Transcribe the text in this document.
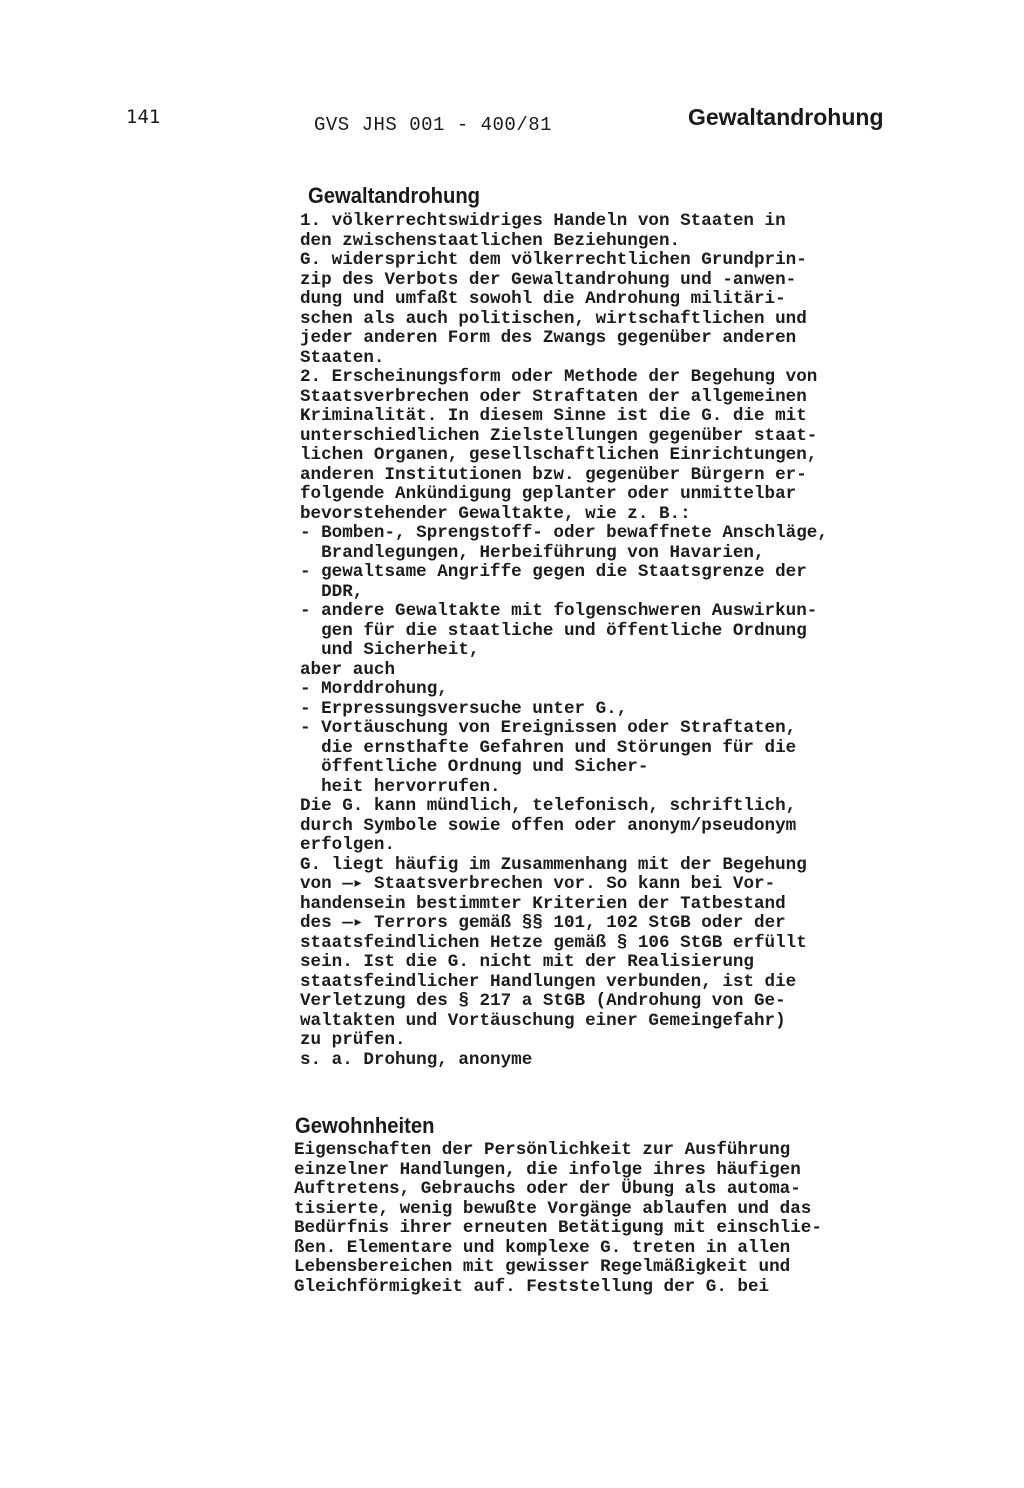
141	GVS JHS 001 - 400/81	Gewaltandrohung
Gewaltandrohung
1. völkerrechtswidriges Handeln von Staaten in
den zwischenstaatlichen Beziehungen.
G. widerspricht dem völkerrechtlichen Grundprin-
zip des Verbots der Gewaltandrohung und -anwen-
dung und umfaßt sowohl die Androhung militäri-
schen als auch politischen, wirtschaftlichen und
jeder anderen Form des Zwangs gegenüber anderen
Staaten.
2. Erscheinungsform oder Methode der Begehung von
Staatsverbrechen oder Straftaten der allgemeinen
Kriminalität. In diesem Sinne ist die G. die mit
unterschiedlichen Zielstellungen gegenüber staat-
lichen Organen, gesellschaftlichen Einrichtungen,
anderen Institutionen bzw. gegenüber Bürgern er-
folgende Ankündigung geplanter oder unmittelbar
bevorstehender Gewaltakte, wie z. B.:
- Bomben-, Sprengstoff- oder bewaffnete Anschläge,
Brandlegungen, Herbeiführung von Havarien,
- gewaltsame Angriffe gegen die Staatsgrenze der
DDR,
- andere Gewaltakte mit folgenschweren Auswirkun-
gen für die staatliche und öffentliche Ordnung
und Sicherheit,
aber auch
- Morddrohung,
- Erpressungsversuche unter G.,
- Vortäuschung von Ereignissen oder Straftaten,
die ernsthafte Gefahren und Störungen für die
öffentliche Ordnung und Sicher-
heit hervorrufen.
Die G. kann mündlich, telefonisch, schriftlich,
durch Symbole sowie offen oder anonym/pseudonym
erfolgen.
G. liegt häufig im Zusammenhang mit der Begehung
von —▸ Staatsverbrechen vor. So kann bei Vor-
handensein bestimmter Kriterien der Tatbestand
des —▸ Terrors gemäß §§ 101, 102 StGB oder der
staatsfeindlichen Hetze gemäß § 106 StGB erfüllt
sein. Ist die G. nicht mit der Realisierung
staatsfeindlicher Handlungen verbunden, ist die
Verletzung des § 217 a StGB (Androhung von Ge-
waltakten und Vortäuschung einer Gemeingefahr)
zu prüfen.
s. a. Drohung, anonyme
Gewohnheiten
Eigenschaften der Persönlichkeit zur Ausführung
einzelner Handlungen, die infolge ihres häufigen
Auftretens, Gebrauchs oder der Übung als automa-
tisierte, wenig bewußte Vorgänge ablaufen und das
Bedürfnis ihrer erneuten Betätigung mit einschlie-
ßen. Elementare und komplexe G. treten in allen
Lebensbereichen mit gewisser Regelmäßigkeit und
Gleichförmigkeit auf. Feststellung der G. bei
